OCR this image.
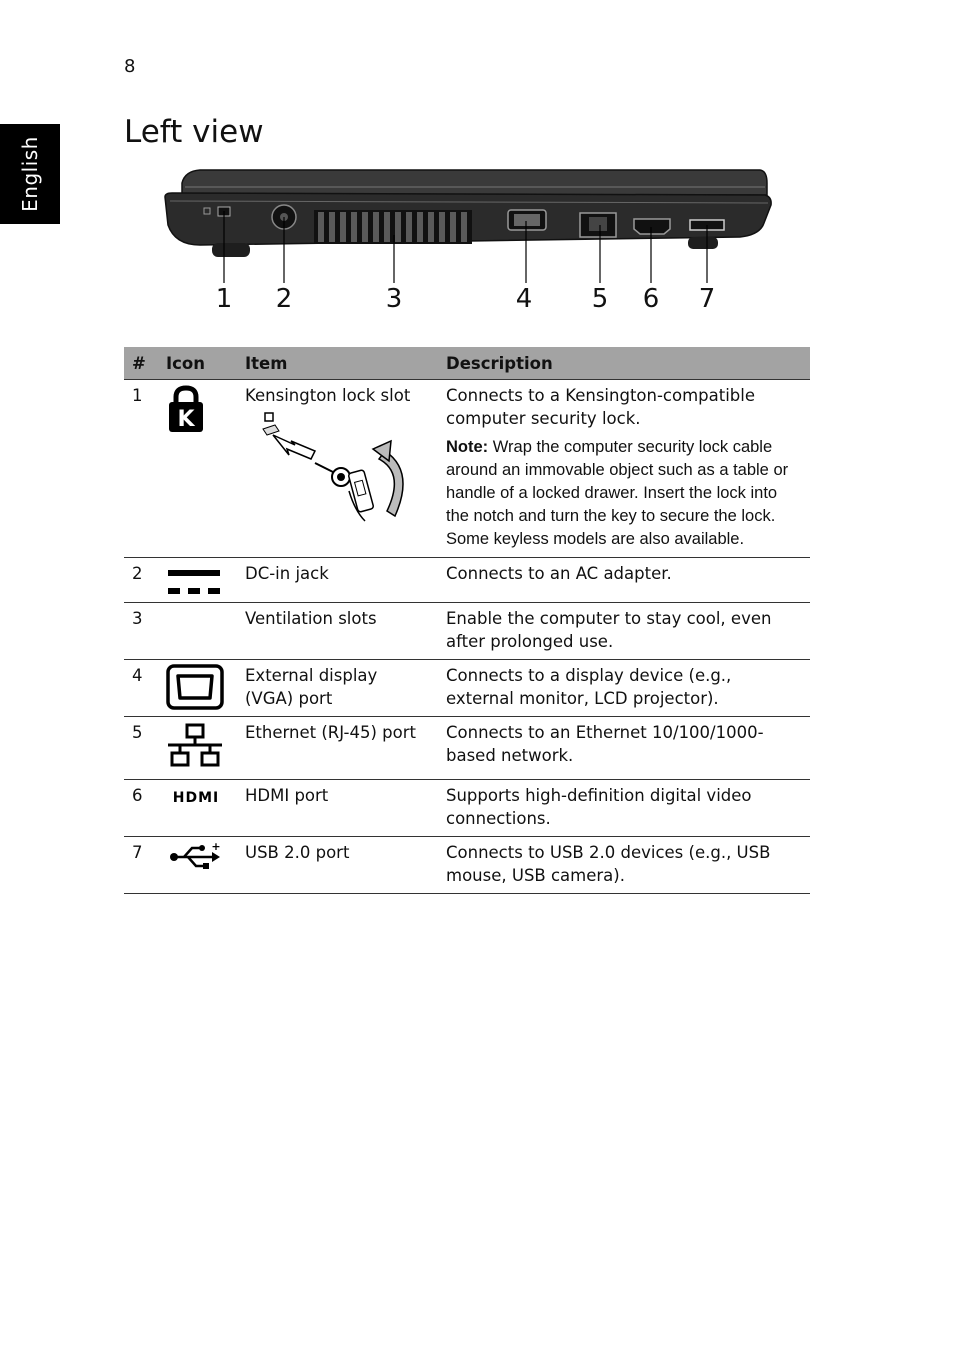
8
English
Left view
1 2	3	4 5 6 7
#	Icon	Item	Description
1	K	Kensington lock slot	Connects to a Kensington-compatible computer security lock.
Note: Wrap the computer security lock cable around an immovable object such as a table or handle of a locked drawer. Insert the lock into the notch and turn the key to secure the lock. Some keyless models are also available.

2		DC-in jack	Connects to an AC adapter.
3		Ventilation slots	Enable the computer to stay cool, even after prolonged use.
4		External display (VGA) port	Connects to a display device (e.g., external monitor, LCD projector).
5		Ethernet (RJ-45) port	Connects to an Ethernet 10/100/1000-based network.
6	HDMI	HDMI port	Supports high-definition digital video connections.
7	+	USB 2.0 port	Connects to USB 2.0 devices (e.g., USB mouse, USB camera).
